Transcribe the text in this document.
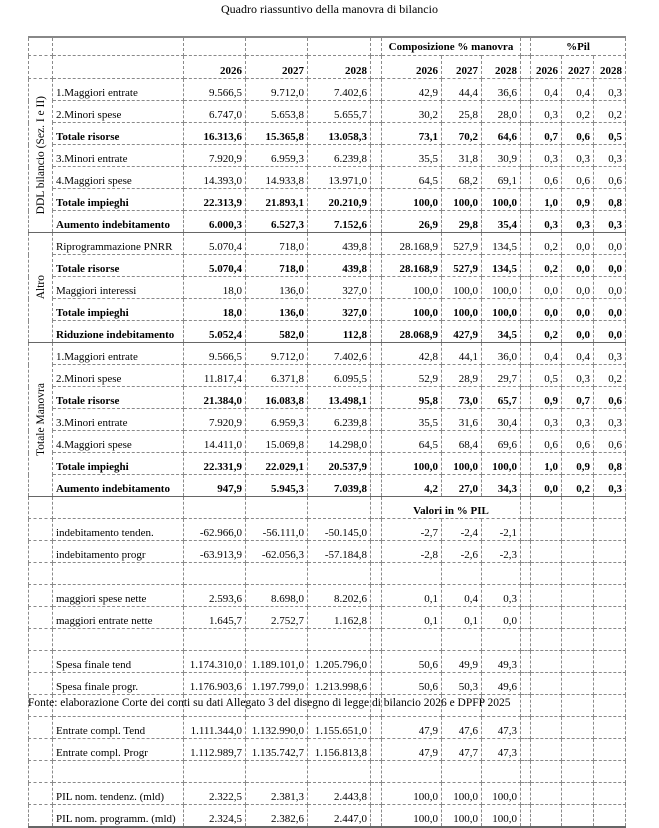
Quadro riassuntivo della manovra di bilancio
						Composizione % manovra				%Pil		
		2026	2027	2028		2026	2027	2028		2026	2027	2028

DDL bilancio (Sez. I e II)	1.Maggiori entrate	9.566,5	9.712,0	7.402,6		42,9	44,4	36,6		0,4	0,4	0,3
	2.Minori spese	6.747,0	5.653,8	5.655,7		30,2	25,8	28,0		0,3	0,2	0,2
	Totale risorse	16.313,6	15.365,8	13.058,3		73,1	70,2	64,6		0,7	0,6	0,5
	3.Minori entrate	7.920,9	6.959,3	6.239,8		35,5	31,8	30,9		0,3	0,3	0,3
	4.Maggiori spese	14.393,0	14.933,8	13.971,0		64,5	68,2	69,1		0,6	0,6	0,6
	Totale impieghi	22.313,9	21.893,1	20.210,9		100,0	100,0	100,0		1,0	0,9	0,8
	Aumento indebitamento	6.000,3	6.527,3	7.152,6		26,9	29,8	35,4		0,3	0,3	0,3

Altro	Riprogrammazione PNRR	5.070,4	718,0	439,8		28.168,9	527,9	134,5		0,2	0,0	0,0
	Totale risorse	5.070,4	718,0	439,8		28.168,9	527,9	134,5		0,2	0,0	0,0
	Maggiori interessi	18,0	136,0	327,0		100,0	100,0	100,0		0,0	0,0	0,0
	Totale impieghi	18,0	136,0	327,0		100,0	100,0	100,0		0,0	0,0	0,0
	Riduzione indebitamento	5.052,4	582,0	112,8		28.068,9	427,9	34,5		0,2	0,0	0,0

Totale Manovra	1.Maggiori entrate	9.566,5	9.712,0	7.402,6		42,8	44,1	36,0		0,4	0,4	0,3
	2.Minori spese	11.817,4	6.371,8	6.095,5		52,9	28,9	29,7		0,5	0,3	0,2
	Totale risorse	21.384,0	16.083,8	13.498,1		95,8	73,0	65,7		0,9	0,7	0,6
	3.Minori entrate	7.920,9	6.959,3	6.239,8		35,5	31,6	30,4		0,3	0,3	0,3
	4.Maggiori spese	14.411,0	15.069,8	14.298,0		64,5	68,4	69,6		0,6	0,6	0,6
	Totale impieghi	22.331,9	22.029,1	20.537,9		100,0	100,0	100,0		1,0	0,9	0,8
	Aumento indebitamento	947,9	5.945,3	7.039,8		4,2	27,0	34,3		0,0	0,2	0,3
						Valori in % PIL						
	indebitamento tenden.	-62.966,0	-56.111,0	-50.145,0		-2,7	-2,4	-2,1				
	indebitamento progr	-63.913,9	-62.056,3	-57.184,8		-2,8	-2,6	-2,3				

	maggiori spese nette	2.593,6	8.698,0	8.202,6		0,1	0,4	0,3				
	maggiori entrate nette	1.645,7	2.752,7	1.162,8		0,1	0,1	0,0				

	Spesa finale tend	1.174.310,0	1.189.101,0	1.205.796,0		50,6	49,9	49,3				
	Spesa finale progr.	1.176.903,6	1.197.799,0	1.213.998,6		50,6	50,3	49,6				

	Entrate compl. Tend	1.111.344,0	1.132.990,0	1.155.651,0		47,9	47,6	47,3				
	Entrate compl. Progr	1.112.989,7	1.135.742,7	1.156.813,8		47,9	47,7	47,3				

	PIL nom. tendenz. (mld)	2.322,5	2.381,3	2.443,8		100,0	100,0	100,0				
	PIL nom. programm. (mld)	2.324,5	2.382,6	2.447,0		100,0	100,0	100,0				
Fonte: elaborazione Corte dei conti su dati Allegato 3 del disegno di legge di bilancio 2026 e DPFP 2025
